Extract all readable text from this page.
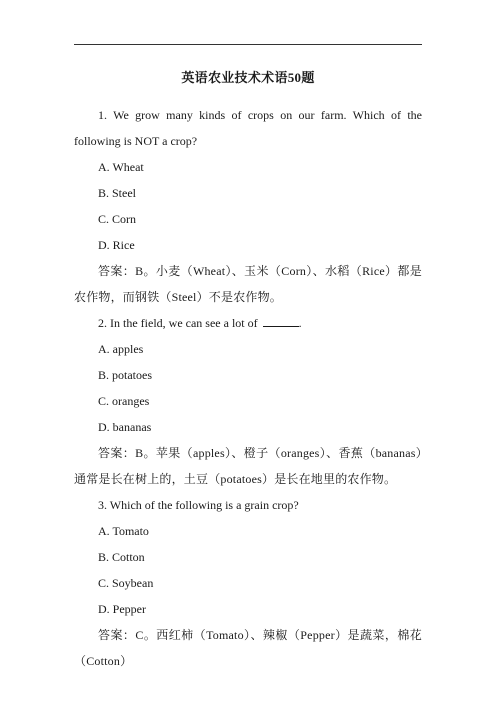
英语农业技术术语50题

1. We grow many kinds of crops on our farm. Which of the following is NOT a crop?

A. Wheat

B. Steel

C. Corn

D. Rice

答案：B。小麦（Wheat）、玉米（Corn）、水稻（Rice）都是农作物，而钢铁（Steel）不是农作物。

2. In the field, we can see a lot of	.

A. apples

B. potatoes

C. oranges

D. bananas

答案：B。苹果（apples）、橙子（oranges）、香蕉（bananas）通常是长在树上的，土豆（potatoes）是长在地里的农作物。

3. Which of the following is a grain crop?

A. Tomato

B. Cotton

C. Soybean

D. Pepper

答案：C。西红柿（Tomato）、辣椒（Pepper）是蔬菜，棉花（Cotton）
